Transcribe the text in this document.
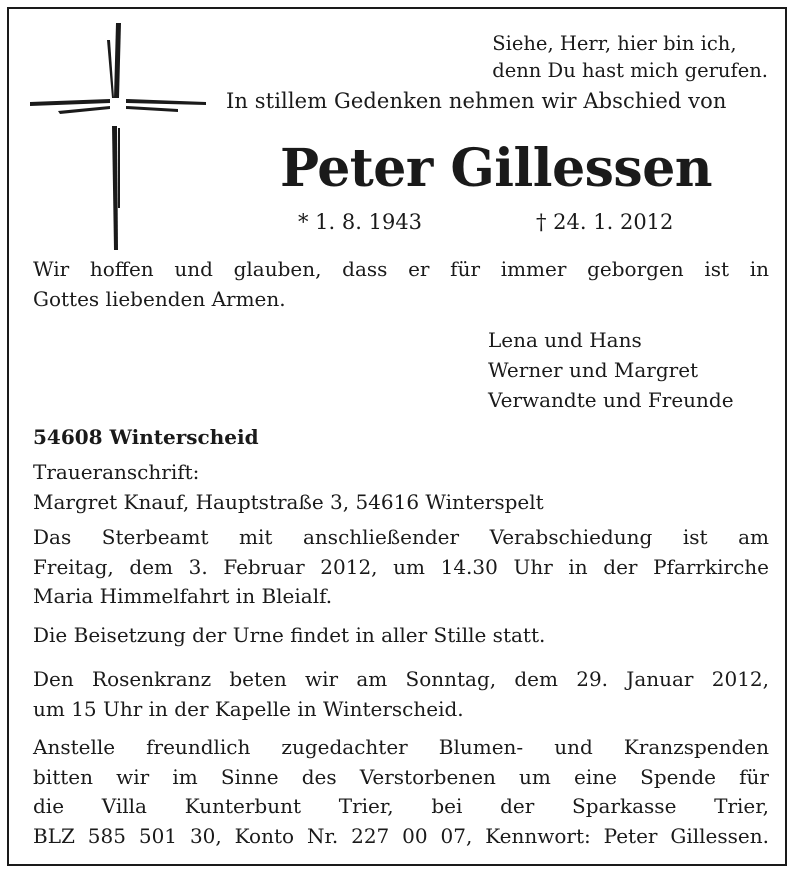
Siehe, Herr, hier bin ich,
denn Du hast mich gerufen.
In stillem Gedenken nehmen wir Abschied von
Peter Gillessen
* 1. 8. 1943	† 24. 1. 2012
Wir hoffen und glauben, dass er für immer geborgen ist in
Gottes liebenden Armen.
Lena und Hans
Werner und Margret
Verwandte und Freunde
54608 Winterscheid
Traueranschrift:
Margret Knauf, Hauptstraße 3, 54616 Winterspelt
Das Sterbeamt mit anschließender Verabschiedung ist am
Freitag, dem 3. Februar 2012, um 14.30 Uhr in der Pfarrkirche
Maria Himmelfahrt in Bleialf.
Die Beisetzung der Urne findet in aller Stille statt.
Den Rosenkranz beten wir am Sonntag, dem 29. Januar 2012,
um 15 Uhr in der Kapelle in Winterscheid.
Anstelle freundlich zugedachter Blumen- und Kranzspenden
bitten wir im Sinne des Verstorbenen um eine Spende für
die Villa Kunterbunt Trier, bei der Sparkasse Trier,
BLZ 585 501 30, Konto Nr. 227 00 07, Kennwort: Peter Gillessen.
